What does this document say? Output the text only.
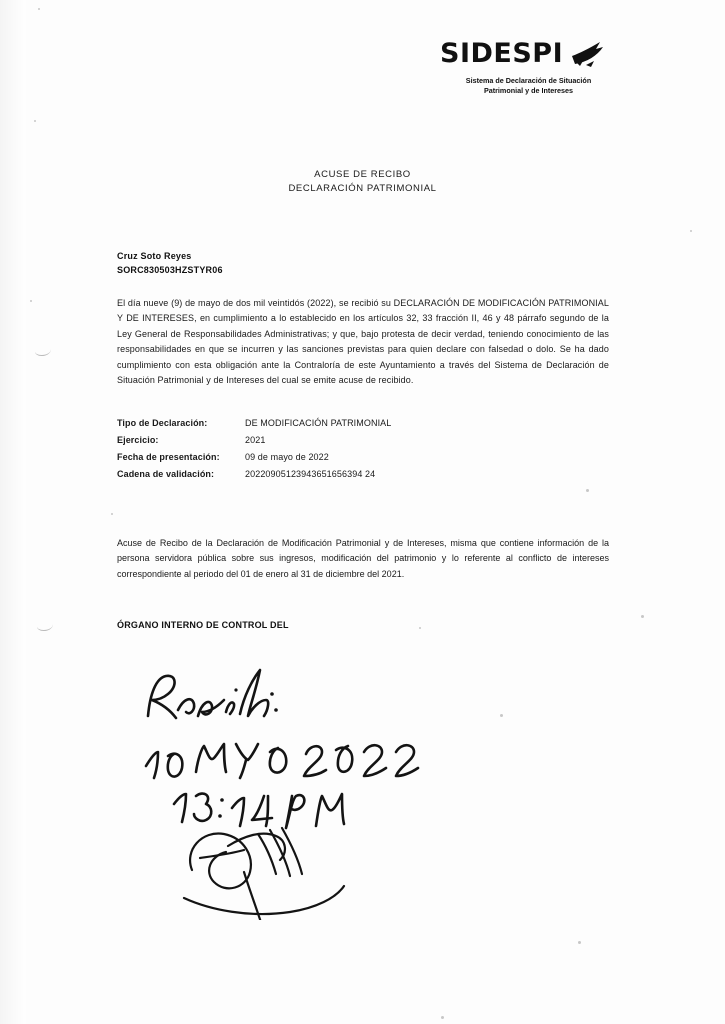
SIDESPI
Sistema de Declaración de Situación
Patrimonial y de Intereses
ACUSE DE RECIBO
DECLARACIÓN PATRIMONIAL
Cruz Soto Reyes
SORC830503HZSTYR06

El día nueve (9) de mayo de dos mil veintidós (2022), se recibió su DECLARACIÓN DE MODIFICACIÓN PATRIMONIAL Y DE INTERESES, en cumplimiento a lo establecido en los artículos 32, 33 fracción II, 46 y 48 párrafo segundo de la Ley General de Responsabilidades Administrativas; y que, bajo protesta de decir verdad, teniendo conocimiento de las responsabilidades en que se incurren y las sanciones previstas para quien declare con falsedad o dolo. Se ha dado cumplimiento con esta obligación ante la Contraloría de este Ayuntamiento a través del Sistema de Declaración de Situación Patrimonial y de Intereses del cual se emite acuse de recibido.

Tipo de Declaración:	DE MODIFICACIÓN PATRIMONIAL
Ejercicio:	2021
Fecha de presentación:	09 de mayo de 2022
Cadena de validación:	20220905123943651656394 24

Acuse de Recibo de la Declaración de Modificación Patrimonial y de Intereses, misma que contiene información de la persona servidora pública sobre sus ingresos, modificación del patrimonio y lo referente al conflicto de intereses correspondiente al periodo del 01 de enero al 31 de diciembre del 2021.

ÓRGANO INTERNO DE CONTROL DEL
